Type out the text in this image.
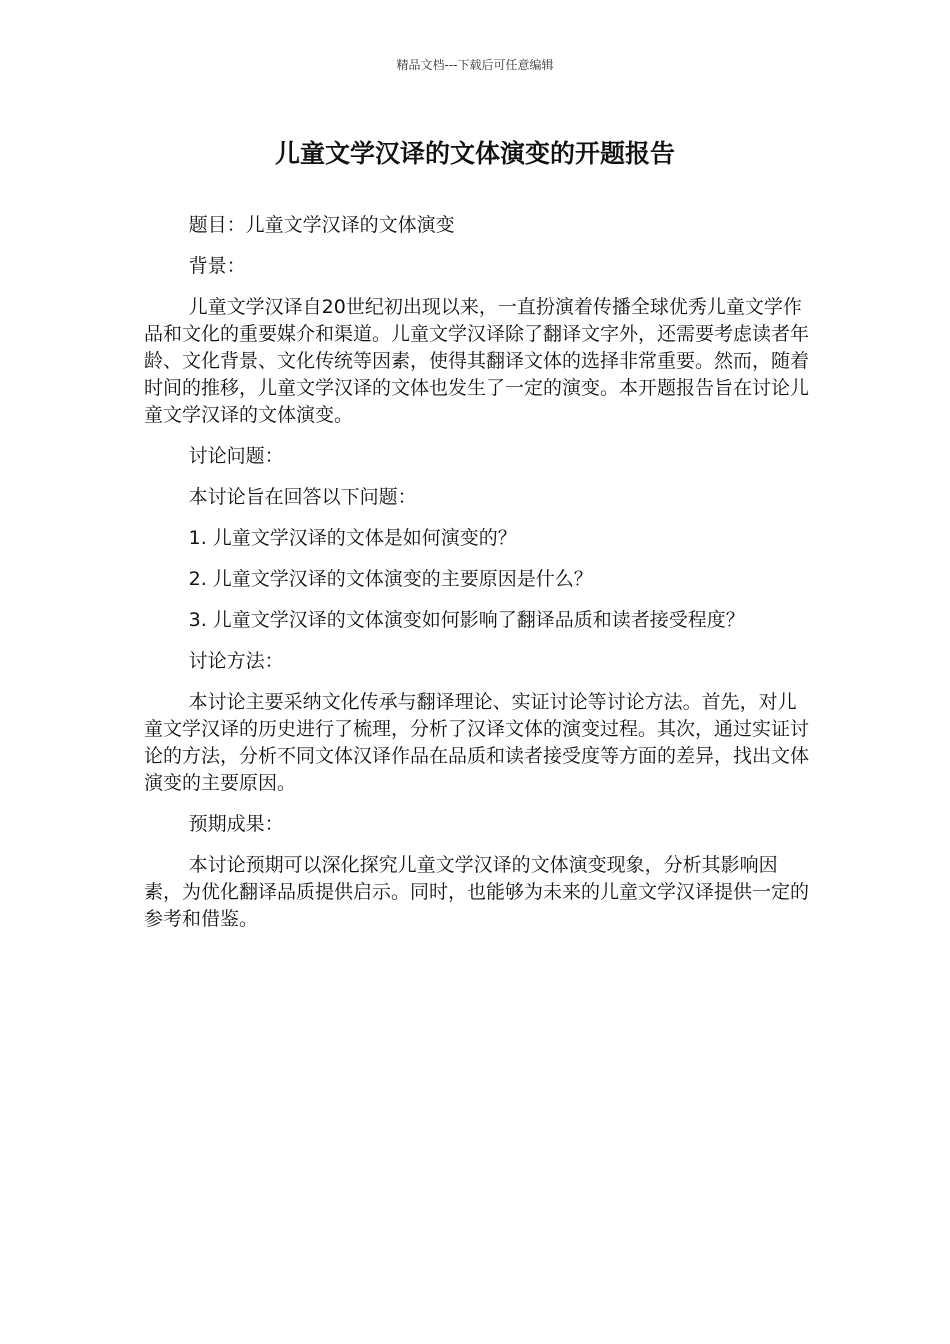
精品文档---下载后可任意编辑
儿童文学汉译的文体演变的开题报告

题目：儿童文学汉译的文体演变

背景：

儿童文学汉译自20世纪初出现以来，一直扮演着传播全球优秀儿童文学作品和文化的重要媒介和渠道。儿童文学汉译除了翻译文字外，还需要考虑读者年龄、文化背景、文化传统等因素，使得其翻译文体的选择非常重要。然而，随着时间的推移，儿童文学汉译的文体也发生了一定的演变。本开题报告旨在讨论儿童文学汉译的文体演变。

讨论问题：

本讨论旨在回答以下问题：

1. 儿童文学汉译的文体是如何演变的？

2. 儿童文学汉译的文体演变的主要原因是什么？

3. 儿童文学汉译的文体演变如何影响了翻译品质和读者接受程度？

讨论方法：

本讨论主要采纳文化传承与翻译理论、实证讨论等讨论方法。首先，对儿童文学汉译的历史进行了梳理，分析了汉译文体的演变过程。其次，通过实证讨论的方法，分析不同文体汉译作品在品质和读者接受度等方面的差异，找出文体演变的主要原因。

预期成果：

本讨论预期可以深化探究儿童文学汉译的文体演变现象，分析其影响因素，为优化翻译品质提供启示。同时，也能够为未来的儿童文学汉译提供一定的参考和借鉴。
